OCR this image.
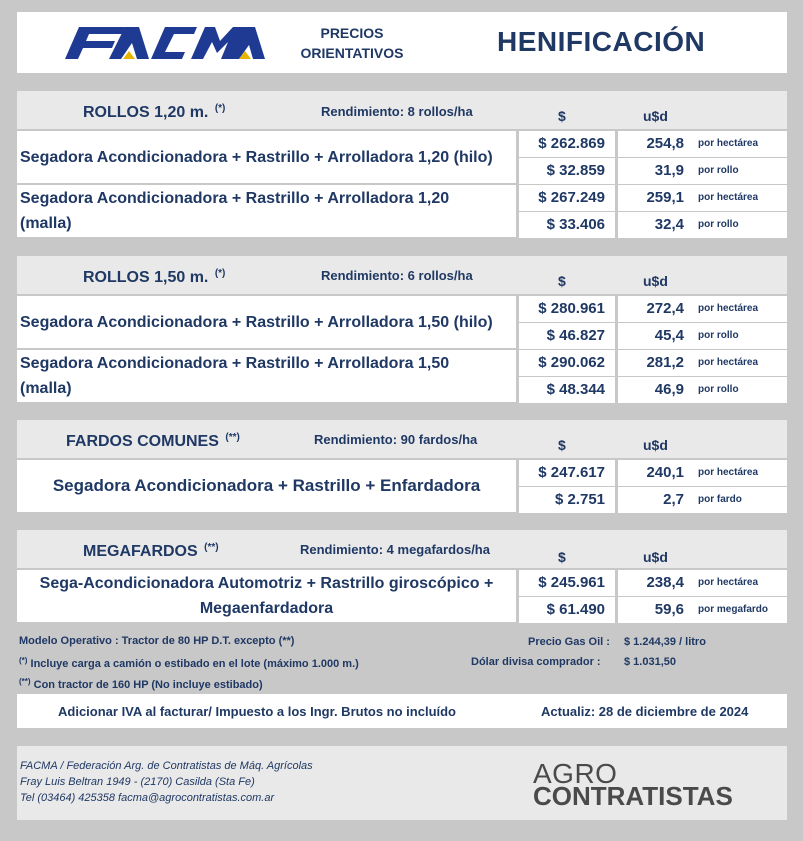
PRECIOS
ORIENTATIVOS	HENIFICACIÓN
ROLLOS 1,20 m. (*)	Rendimiento: 8 rollos/ha	$	u$d
Segadora Acondicionadora + Rastrillo + Arrolladora 1,20 (hilo)
$ 262.869	254,8	por hectárea
$ 32.859	31,9	por rollo
Segadora Acondicionadora + Rastrillo + Arrolladora 1,20
(malla)
$ 267.249	259,1	por hectárea
$ 33.406	32,4	por rollo
ROLLOS 1,50 m. (*)	Rendimiento: 6 rollos/ha	$	u$d
Segadora Acondicionadora + Rastrillo + Arrolladora 1,50 (hilo)
$ 280.961	272,4	por hectárea
$ 46.827	45,4	por rollo
Segadora Acondicionadora + Rastrillo + Arrolladora 1,50
(malla)
$ 290.062	281,2	por hectárea
$ 48.344	46,9	por rollo
FARDOS COMUNES (**)	Rendimiento: 90 fardos/ha	$	u$d
Segadora Acondicionadora + Rastrillo + Enfardadora
$ 247.617	240,1	por hectárea
$ 2.751	2,7	por fardo
MEGAFARDOS (**)	Rendimiento: 4 megafardos/ha	$	u$d
Sega-Acondicionadora Automotriz + Rastrillo giroscópico +
Megaenfardadora
$ 245.961	238,4	por hectárea
$ 61.490	59,6	por megafardo
Modelo Operativo : Tractor de 80 HP D.T. excepto (**)
(*) Incluye carga a camión o estibado en el lote (máximo 1.000 m.)
(**) Con tractor de 160 HP (No incluye estibado)
Precio Gas Oil : $ 1.244,39 / litro
Dólar divisa comprador : $ 1.031,50
Adicionar IVA al facturar/ Impuesto a los Ingr. Brutos no incluído	Actualiz: 28 de diciembre de 2024
FACMA / Federación Arg. de Contratistas de Máq. Agrícolas
Fray Luis Beltran 1949 - (2170) Casilda (Sta Fe)
Tel (03464) 425358 facma@agrocontratistas.com.ar
AGRO
CONTRATISTAS
